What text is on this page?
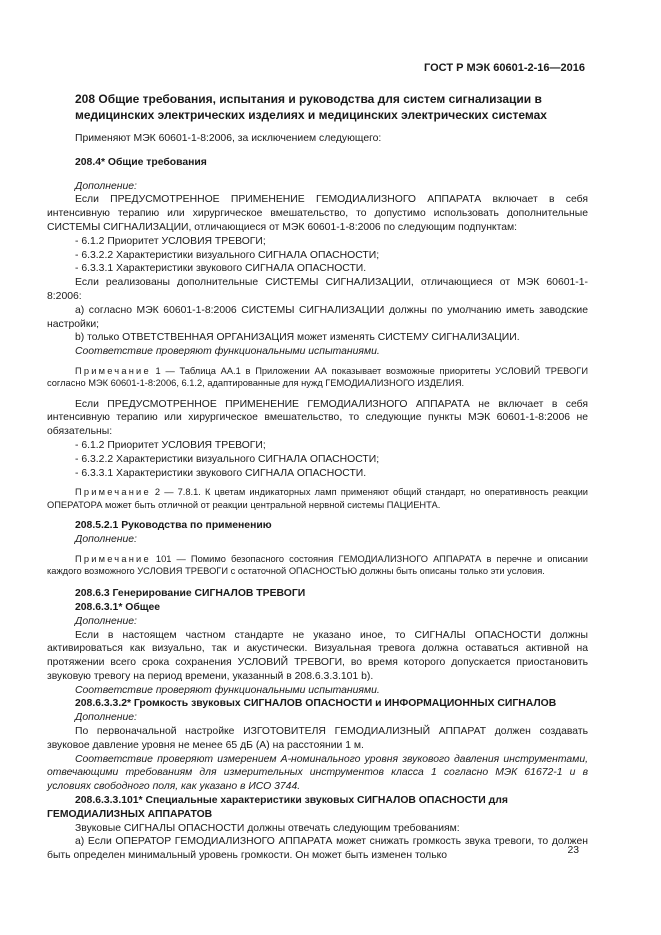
ГОСТ Р МЭК 60601-2-16—2016
208 Общие требования, испытания и руководства для систем сигнализации в медицинских электрических изделиях и медицинских электрических системах

Применяют МЭК 60601-1-8:2006, за исключением следующего:

208.4* Общие требования
Дополнение:

Если ПРЕДУСМОТРЕННОЕ ПРИМЕНЕНИЕ ГЕМОДИАЛИЗНОГО АППАРАТА включает в себя интенсивную терапию или хирургическое вмешательство, то допустимо использовать дополнительные СИСТЕМЫ СИГНАЛИЗАЦИИ, отличающиеся от МЭК 60601-1-8:2006 по следующим подпунктам:

- 6.1.2 Приоритет УСЛОВИЯ ТРЕВОГИ;

- 6.3.2.2 Характеристики визуального СИГНАЛА ОПАСНОСТИ;

- 6.3.3.1 Характеристики звукового СИГНАЛА ОПАСНОСТИ.

Если реализованы дополнительные СИСТЕМЫ СИГНАЛИЗАЦИИ, отличающиеся от МЭК 60601-1-8:2006:

а) согласно МЭК 60601-1-8:2006 СИСТЕМЫ СИГНАЛИЗАЦИИ должны по умолчанию иметь заводские настройки;

b) только ОТВЕТСТВЕННАЯ ОРГАНИЗАЦИЯ может изменять СИСТЕМУ СИГНАЛИЗАЦИИ.

Соответствие проверяют функциональными испытаниями.

Примечание 1 — Таблица АА.1 в Приложении АА показывает возможные приоритеты УСЛОВИЙ ТРЕВОГИ согласно МЭК 60601-1-8:2006, 6.1.2, адаптированные для нужд ГЕМОДИАЛИЗНОГО ИЗДЕЛИЯ.

Если ПРЕДУСМОТРЕННОЕ ПРИМЕНЕНИЕ ГЕМОДИАЛИЗНОГО АППАРАТА не включает в себя интенсивную терапию или хирургическое вмешательство, то следующие пункты МЭК 60601-1-8:2006 не обязательны:

- 6.1.2 Приоритет УСЛОВИЯ ТРЕВОГИ;

- 6.3.2.2 Характеристики визуального СИГНАЛА ОПАСНОСТИ;

- 6.3.3.1 Характеристики звукового СИГНАЛА ОПАСНОСТИ.

Примечание 2 — 7.8.1. К цветам индикаторных ламп применяют общий стандарт, но оперативность реакции ОПЕРАТОРА может быть отличной от реакции центральной нервной системы ПАЦИЕНТА.

208.5.2.1 Руководства по применению
Дополнение:

Примечание 101 — Помимо безопасного состояния ГЕМОДИАЛИЗНОГО АППАРАТА в перечне и описании каждого возможного УСЛОВИЯ ТРЕВОГИ с остаточной ОПАСНОСТЬЮ должны быть описаны только эти условия.

208.6.3 Генерирование СИГНАЛОВ ТРЕВОГИ
208.6.3.1* Общее
Дополнение:

Если в настоящем частном стандарте не указано иное, то СИГНАЛЫ ОПАСНОСТИ должны активироваться как визуально, так и акустически. Визуальная тревога должна оставаться активной на протяжении всего срока сохранения УСЛОВИЙ ТРЕВОГИ, во время которого допускается приостановить звуковую тревогу на период времени, указанный в 208.6.3.3.101 b).

Соответствие проверяют функциональными испытаниями.

208.6.3.3.2* Громкость звуковых СИГНАЛОВ ОПАСНОСТИ и ИНФОРМАЦИОННЫХ СИГНАЛОВ

Дополнение:

По первоначальной настройке ИЗГОТОВИТЕЛЯ ГЕМОДИАЛИЗНЫЙ АППАРАТ должен создавать звуковое давление уровня не менее 65 дБ (А) на расстоянии 1 м.

Соответствие проверяют измерением А-номинального уровня звукового давления инструментами, отвечающими требованиям для измерительных инструментов класса 1 согласно МЭК 61672-1 и в условиях свободного поля, как указано в ИСО 3744.

208.6.3.3.101* Специальные характеристики звуковых СИГНАЛОВ ОПАСНОСТИ для ГЕМОДИАЛИЗНЫХ АППАРАТОВ

Звуковые СИГНАЛЫ ОПАСНОСТИ должны отвечать следующим требованиям:

а) Если ОПЕРАТОР ГЕМОДИАЛИЗНОГО АППАРАТА может снижать громкость звука тревоги, то должен быть определен минимальный уровень громкости. Он может быть изменен только	23
